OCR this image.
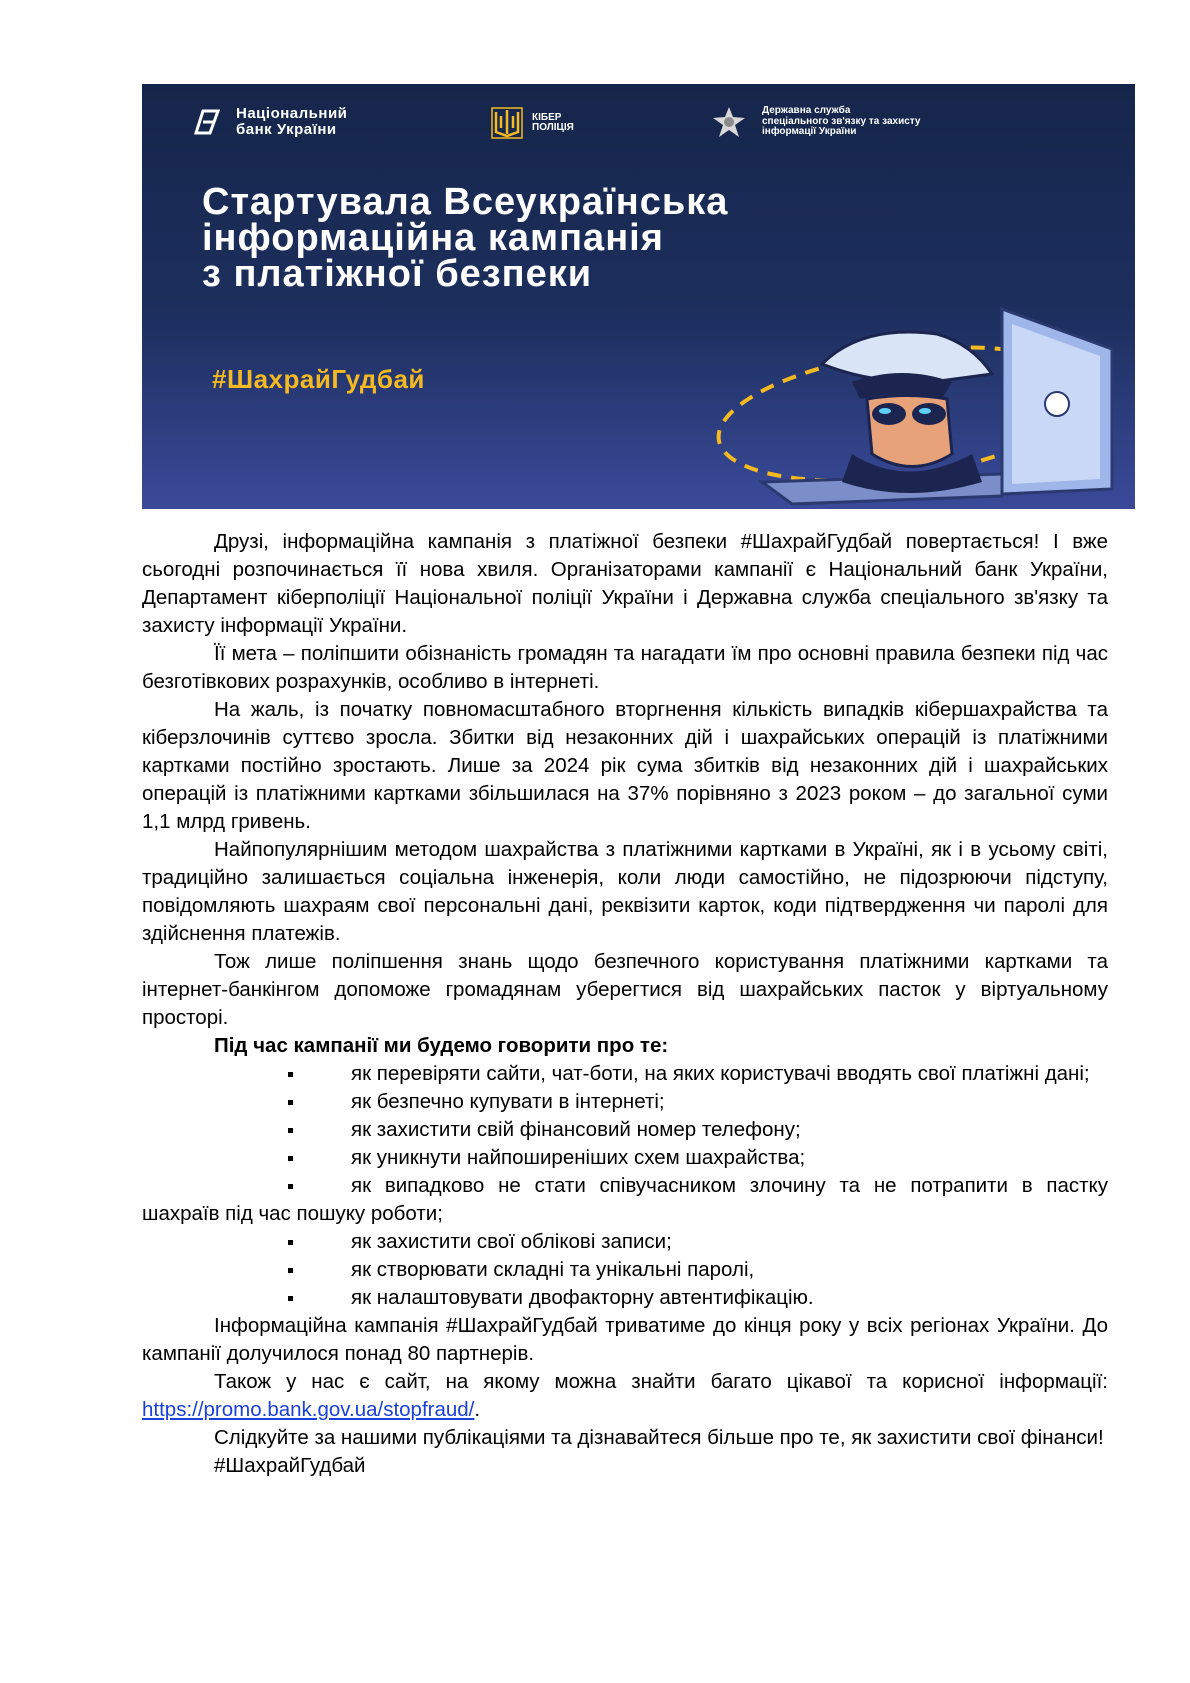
Національний
банк України
КІБЕР
ПОЛІЦІЯ
Державна служба
спеціального зв'язку та захисту
інформації України
Стартувала Всеукраїнська
інформаційна кампанія
з платіжної безпеки
#ШахрайГудбай

Друзі, інформаційна кампанія з платіжної безпеки #ШахрайГудбай повертається! І вже сьогодні розпочинається її нова хвиля. Організаторами кампанії є Національний банк України, Департамент кіберполіції Національної поліції України і Державна служба спеціального зв'язку та захисту інформації України.

Її мета – поліпшити обізнаність громадян та нагадати їм про основні правила безпеки під час безготівкових розрахунків, особливо в інтернеті.

На жаль, із початку повномасштабного вторгнення кількість випадків кібершахрайства та кіберзлочинів суттєво зросла. Збитки від незаконних дій і шахрайських операцій із платіжними картками постійно зростають. Лише за 2024 рік сума збитків від незаконних дій і шахрайських операцій із платіжними картками збільшилася на 37% порівняно з 2023 роком – до загальної суми 1,1 млрд гривень.

Найпопулярнішим методом шахрайства з платіжними картками в Україні, як і в усьому світі, традиційно залишається соціальна інженерія, коли люди самостійно, не підозрюючи підступу, повідомляють шахраям свої персональні дані, реквізити карток, коди підтвердження чи паролі для здійснення платежів.

Тож лише поліпшення знань щодо безпечного користування платіжними картками та інтернет-банкінгом допоможе громадянам уберегтися від шахрайських пасток у віртуальному просторі.

Під час кампанії ми будемо говорити про те:

як перевіряти сайти, чат-боти, на яких користувачі вводять свої платіжні дані;

як безпечно купувати в інтернеті;

як захистити свій фінансовий номер телефону;

як уникнути найпоширеніших схем шахрайства;

як випадково не стати співучасником злочину та не потрапити в пастку шахраїв під час пошуку роботи;

як захистити свої облікові записи;

як створювати складні та унікальні паролі,

як налаштовувати двофакторну автентифікацію.

Інформаційна кампанія #ШахрайГудбай триватиме до кінця року у всіх регіонах України. До кампанії долучилося понад 80 партнерів.

Також у нас є сайт, на якому можна знайти багато цікавої та корисної інформації: https://promo.bank.gov.ua/stopfraud/.

Слідкуйте за нашими публікаціями та дізнавайтеся більше про те, як захистити свої фінанси!

#ШахрайГудбай
